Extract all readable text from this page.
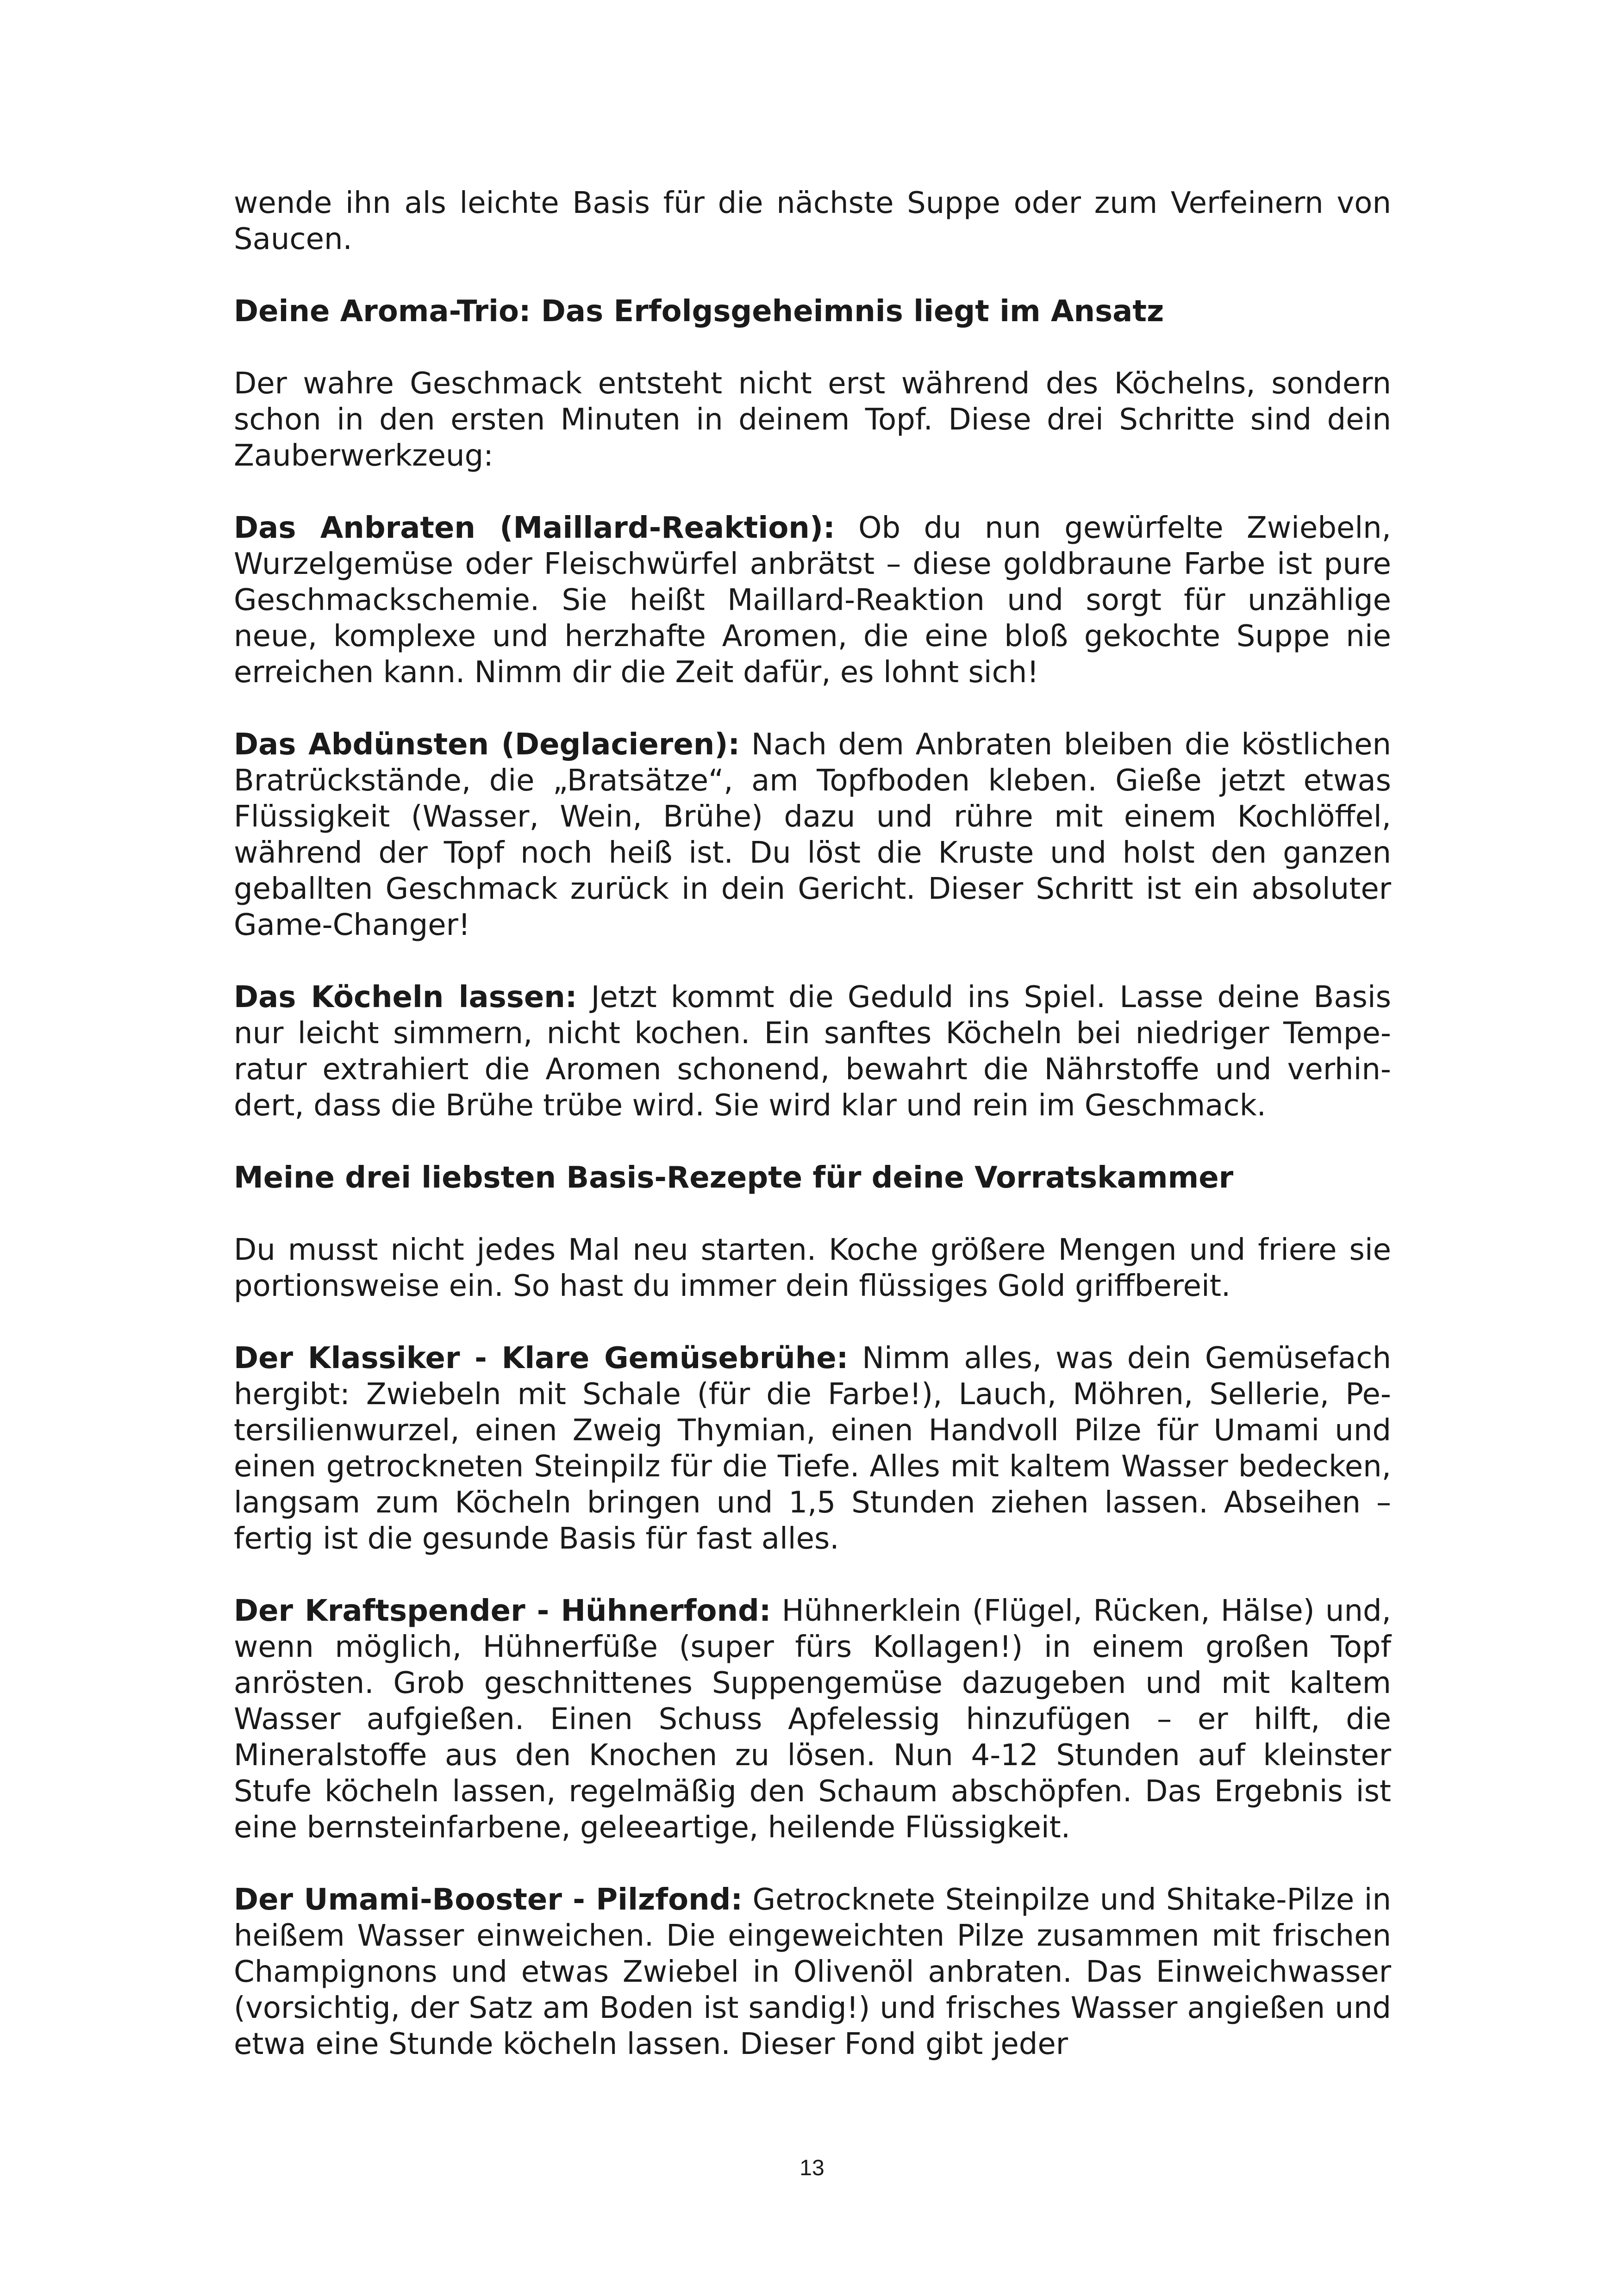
wende ihn als leichte Basis für die nächste Suppe oder zum Verfeinern von Saucen.

Deine Aroma-Trio: Das Erfolgsgeheimnis liegt im Ansatz

Der wahre Geschmack entsteht nicht erst während des Köchelns, sondern schon in den ersten Minuten in deinem Topf. Diese drei Schritte sind dein Zauberwerkzeug:

Das Anbraten (Maillard-Reaktion): Ob du nun gewürfelte Zwiebeln, Wurzelgemüse oder Fleischwürfel anbrätst – diese goldbraune Farbe ist pure Geschmackschemie. Sie heißt Maillard-Reaktion und sorgt für unzählige neue, komplexe und herzhafte Aromen, die eine bloß gekochte Suppe nie erreichen kann. Nimm dir die Zeit dafür, es lohnt sich!

Das Abdünsten (Deglacieren): Nach dem Anbraten bleiben die köstlichen Bratrückstände, die „Bratsätze“, am Topfboden kleben. Gieße jetzt etwas Flüssigkeit (Wasser, Wein, Brühe) dazu und rühre mit einem Kochlöffel, während der Topf noch heiß ist. Du löst die Kruste und holst den ganzen geballten Geschmack zurück in dein Gericht. Dieser Schritt ist ein absoluter Game-Changer!

Das Köcheln lassen: Jetzt kommt die Geduld ins Spiel. Lasse deine Basis nur leicht simmern, nicht kochen. Ein sanftes Köcheln bei niedriger Temperatur extrahiert die Aromen schonend, bewahrt die Nährstoffe und verhindert, dass die Brühe trübe wird. Sie wird klar und rein im Geschmack.

Meine drei liebsten Basis-Rezepte für deine Vorratskammer

Du musst nicht jedes Mal neu starten. Koche größere Mengen und friere sie portionsweise ein. So hast du immer dein flüssiges Gold griffbereit.

Der Klassiker - Klare Gemüsebrühe: Nimm alles, was dein Gemüsefach hergibt: Zwiebeln mit Schale (für die Farbe!), Lauch, Möhren, Sellerie, Petersilienwurzel, einen Zweig Thymian, einen Handvoll Pilze für Umami und einen getrockneten Steinpilz für die Tiefe. Alles mit kaltem Wasser bedecken, langsam zum Köcheln bringen und 1,5 Stunden ziehen lassen. Abseihen – fertig ist die gesunde Basis für fast alles.

Der Kraftspender - Hühnerfond: Hühnerklein (Flügel, Rücken, Hälse) und, wenn möglich, Hühnerfüße (super fürs Kollagen!) in einem großen Topf anrösten. Grob geschnittenes Suppengemüse dazugeben und mit kaltem Wasser aufgießen. Einen Schuss Apfelessig hinzufügen – er hilft, die Mineralstoffe aus den Knochen zu lösen. Nun 4-12 Stunden auf kleinster Stufe köcheln lassen, regelmäßig den Schaum abschöpfen. Das Ergebnis ist eine bernsteinfarbene, geleeartige, heilende Flüssigkeit.

Der Umami-Booster - Pilzfond: Getrocknete Steinpilze und Shitake-Pilze in heißem Wasser einweichen. Die eingeweichten Pilze zusammen mit frischen Champignons und etwas Zwiebel in Olivenöl anbraten. Das Einweichwasser (vorsichtig, der Satz am Boden ist sandig!) und frisches Wasser angießen und etwa eine Stunde köcheln lassen. Dieser Fond gibt jeder

13
